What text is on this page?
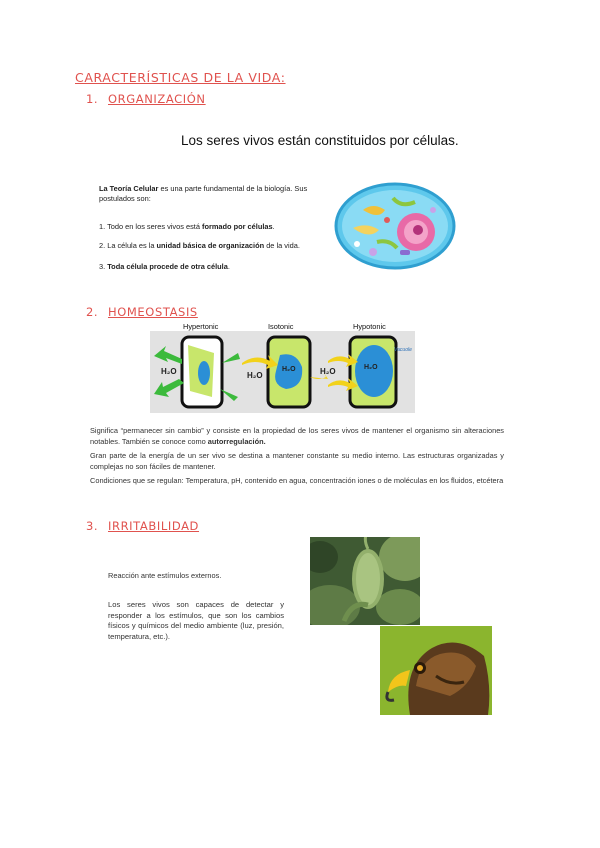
CARACTERÍSTICAS DE LA VIDA:
1. ORGANIZACIÓN
Los seres vivos están constituidos por células.
La Teoría Celular es una parte fundamental de la biología. Sus postulados son:
1. Todo en los seres vivos está formado por células.
2. La célula es la unidad básica de organización de la vida.
3. Toda célula procede de otra célula.
2. HOMEOSTASIS
Hypertonic	Isotonic	Hypotonic
H₂O	H₂O
H₂O	H₂O	H₂O
Vacuole
Significa “permanecer sin cambio” y consiste en la propiedad de los seres vivos de mantener el organismo sin alteraciones notables. También se conoce como autorregulación.
Gran parte de la energía de un ser vivo se destina a mantener constante su medio interno. Las estructuras organizadas y complejas no son fáciles de mantener.
Condiciones que se regulan: Temperatura, pH, contenido en agua, concentración iones o de moléculas en los fluidos, etcétera
3. IRRITABILIDAD
Reacción ante estímulos externos.
Los seres vivos son capaces de detectar y responder a los estímulos, que son los cambios físicos y químicos del medio ambiente (luz, presión, temperatura, etc.).
